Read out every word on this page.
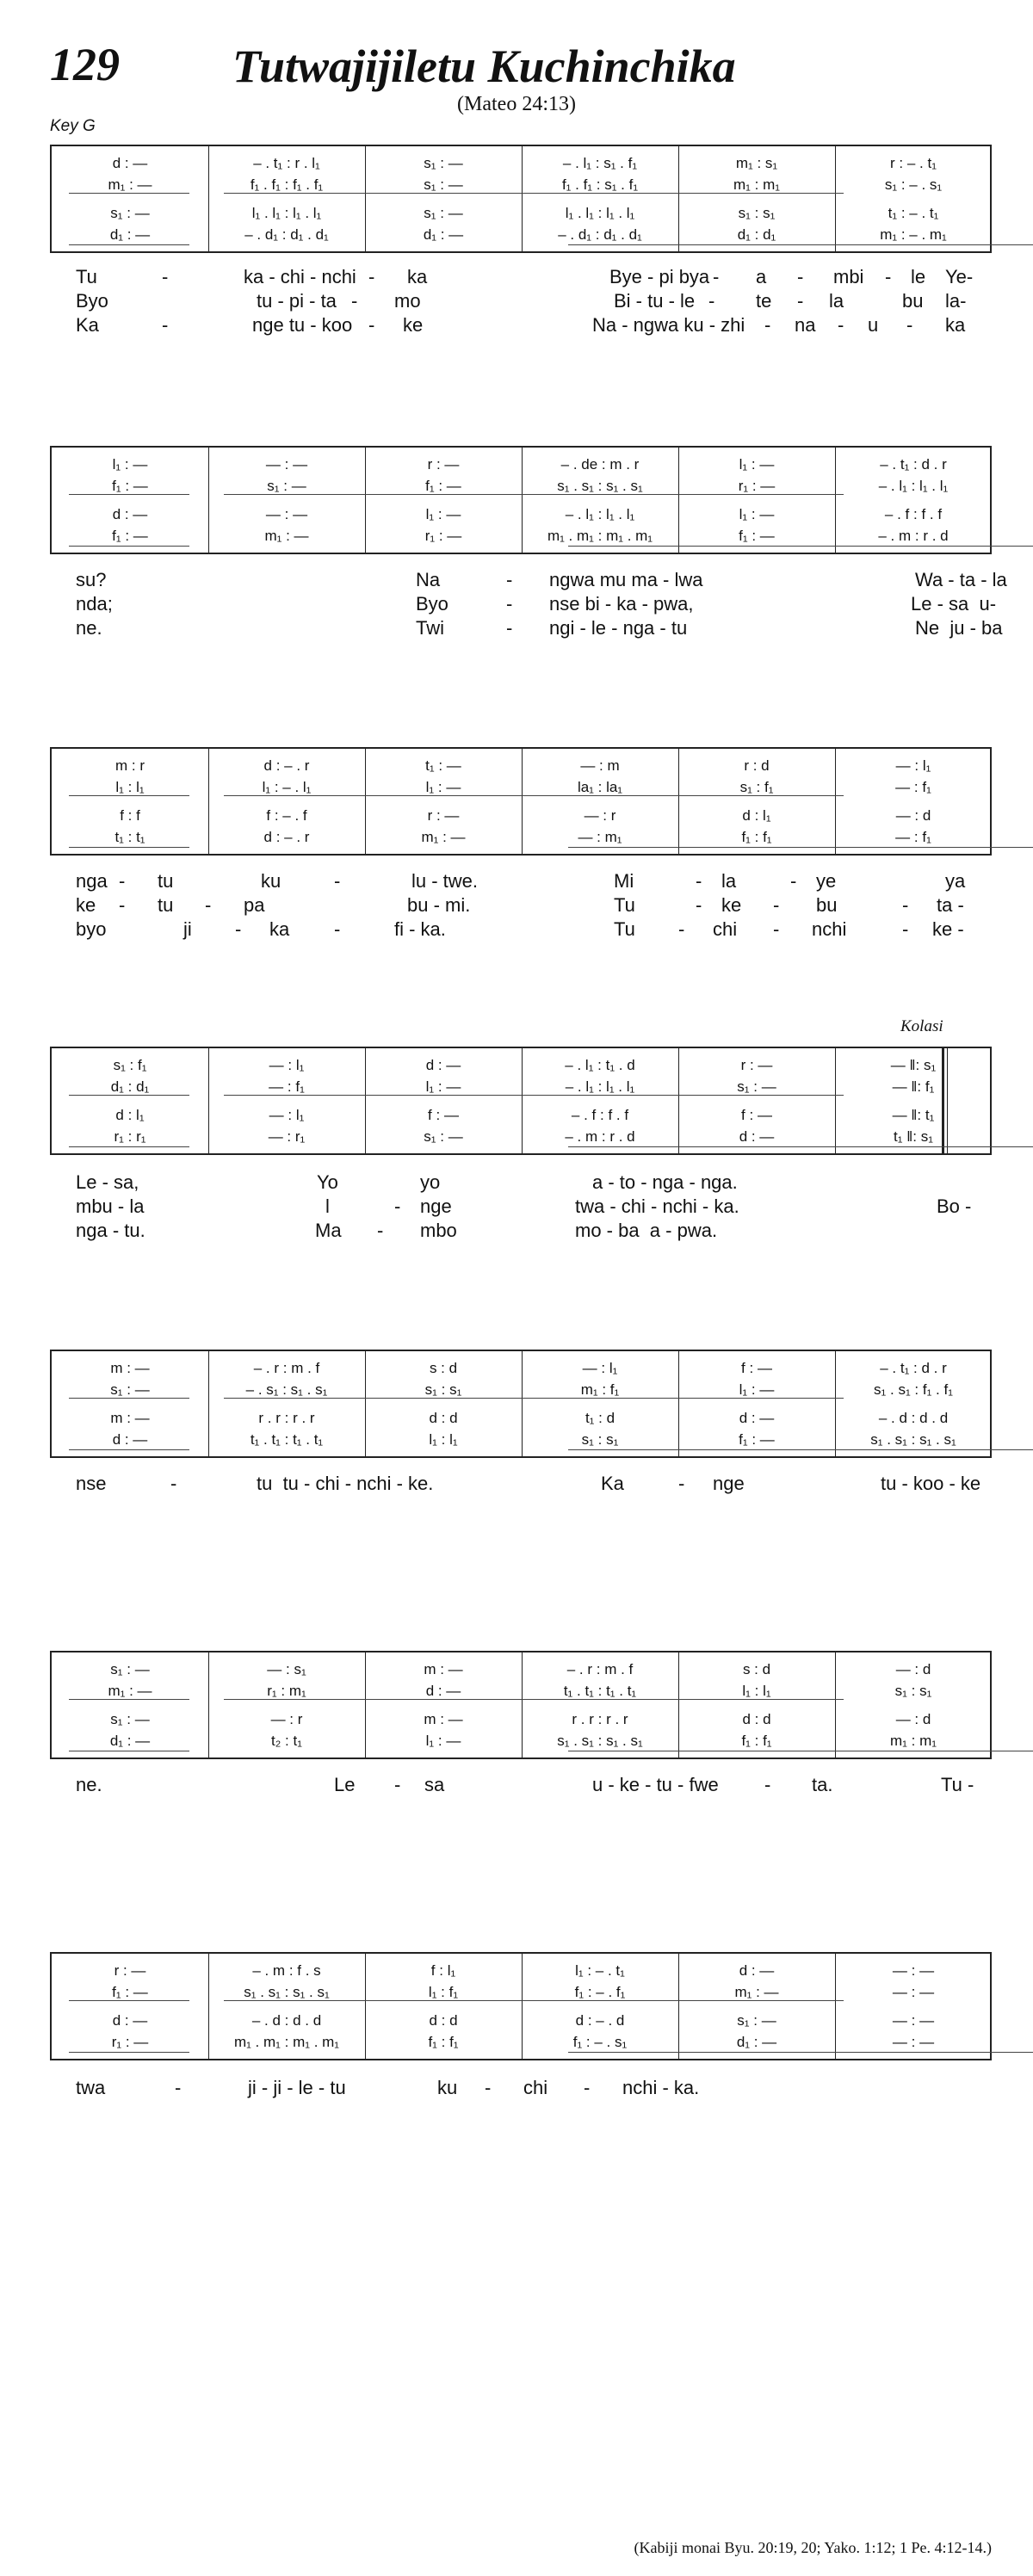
129 Tutwajijiletu Kuchinchika
(Mateo 24:13)
Key G
Kolasi
d : —	– . t₁ : r . l₁	s₁ : —	– . l₁ : s₁ . f₁	m₁ : s₁	r : – . t₁
m₁ : —	f₁ . f₁ : f₁ . f₁	s₁ : —	f₁ . f₁ : s₁ . f₁	m₁ : m₁	s₁ : – . s₁
s₁ : —	l₁ . l₁ : l₁ . l₁	s₁ : —	l₁ . l₁ : l₁ . l₁	s₁ : s₁	t₁ : – . t₁
d₁ : —	– . d₁ : d₁ . d₁	d₁ : —	– . d₁ : d₁ . d₁	d₁ : d₁	m₁ : – . m₁
Tu	-	ka - chi - nchi - ka	Bye - pi bya - a - mbi - le Ye-
Byo	tu - pi - ta - mo	Bi - tu - le - te - la	bu la-
Ka	-	nge tu - koo - ke	Na - ngwa ku - zhi - na - u - ka
l₁ : —	— : —	r : —	– . de : m . r	l₁ : —	– . t₁ : d . r
f₁ : —	s₁ : —	f₁ : —	s₁ . s₁ : s₁ . s₁	r₁ : —	– . l₁ : l₁ . l₁
d : —	— : —	l₁ : —	– . l₁ : l₁ . l₁	l₁ : —	– . f : f . f
f₁ : —	m₁ : —	r₁ : —	m₁ . m₁ : m₁ . m₁	f₁ : —	– . m : r . d
su?	Na	- ngwa mu ma - lwa	Wa - ta - la
nda;	Byo	- nse bi - ka - pwa,	Le - sa  u-
ne.	Twi	- ngi - le - nga - tu	Ne  ju - ba
m : r	d : – . r	t₁ : —	— : m	r : d	— : l₁
l₁ : l₁	l₁ : – . l₁	l₁ : —	la₁ : la₁	s₁ : f₁	— : f₁
f : f	f : – . f	r : —	— : r	d : l₁	— : d
t₁ : t₁	d : – . r	m₁ : —	— : m₁	f₁ : f₁	— : f₁
nga - tu	ku	-	lu - twe.	Mi	- la	- ye	ya
ke - tu - pa	bu - mi.	Tu	- ke - bu	- ta -
byo	ji - ka -	fi - ka.	Tu - chi - nchi	- ke -
s₁ : f₁	— : l₁	d : —	– . l₁ : t₁ . d	r : —	— ‖: s₁
d₁ : d₁	— : f₁	l₁ : —	– . l₁ : l₁ . l₁	s₁ : —	— ‖: f₁
d : l₁	— : l₁	f : —	– . f : f . f	f : —	— ‖: t₁
r₁ : r₁	— : r₁	s₁ : —	– . m : r . d	d : —	t₁ ‖: s₁
Le - sa,	Yo	yo	a - to - nga - nga.
mbu - la	l	- nge	twa - chi - nchi - ka.	Bo -
nga - tu.	Ma - mbo	mo - ba  a - pwa.
m : —	– . r : m . f	s : d	— : l₁	f : —	– . t₁ : d . r
s₁ : —	– . s₁ : s₁ . s₁	s₁ : s₁	m₁ : f₁	l₁ : —	s₁ . s₁ : f₁ . f₁
m : —	r . r : r . r	d : d	t₁ : d	d : —	– . d : d . d
d : —	t₁ . t₁ : t₁ . t₁	l₁ : l₁	s₁ : s₁	f₁ : —	s₁ . s₁ : s₁ . s₁
nse	-	tu  tu - chi - nchi - ke.	Ka	- nge	tu - koo - ke
s₁ : —	— : s₁	m : —	– . r : m . f	s : d	— : d
m₁ : —	r₁ : m₁	d : —	t₁ . t₁ : t₁ . t₁	l₁ : l₁	s₁ : s₁
s₁ : —	— : r	m : —	r . r : r . r	d : d	— : d
d₁ : —	t₂ : t₁	l₁ : —	s₁ . s₁ : s₁ . s₁	f₁ : f₁	m₁ : m₁
ne.	Le - sa	u - ke - tu - fwe - ta.	Tu -
r : —	– . m : f . s	f : l₁	l₁ : – . t₁	d : —	— : —
f₁ : —	s₁ . s₁ : s₁ . s₁	l₁ : f₁	f₁ : – . f₁	m₁ : —	— : —
d : —	– . d : d . d	d : d	d : – . d	s₁ : —	— : —
r₁ : —	m₁ . m₁ : m₁ . m₁	f₁ : f₁	f₁ : – . s₁	d₁ : —	— : —
twa	-	ji - ji - le - tu	ku - chi - nchi - ka.
(Kabiji monai Byu. 20:19, 20; Yako. 1:12; 1 Pe. 4:12-14.)
